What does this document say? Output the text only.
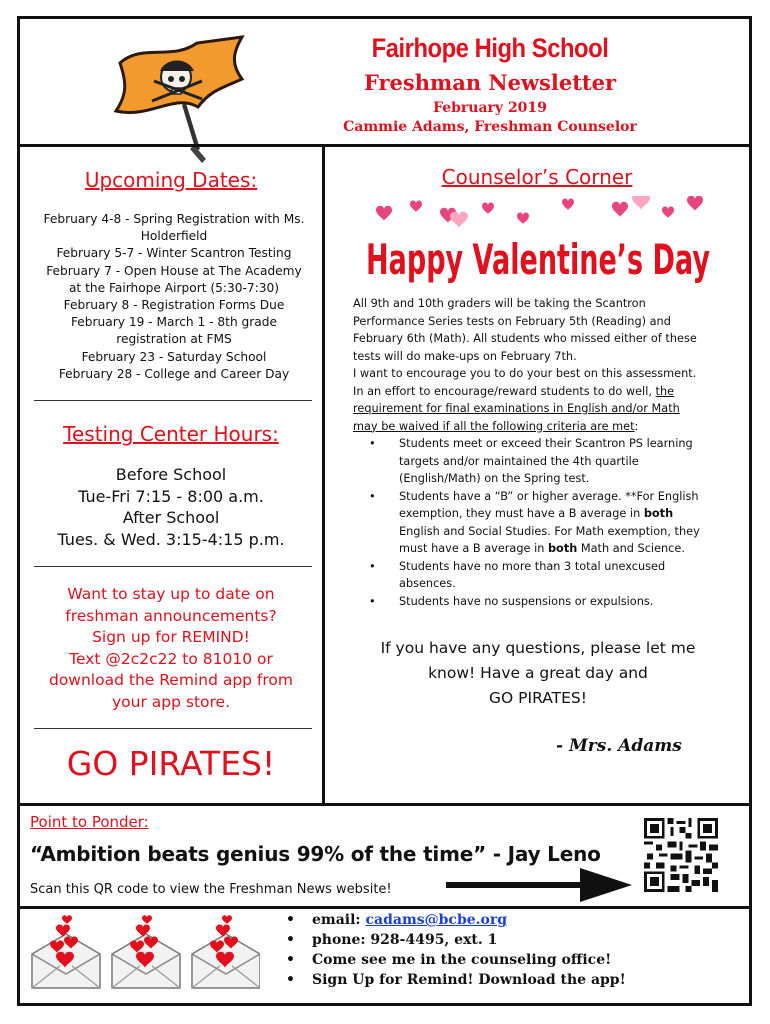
Fairhope High School
Freshman Newsletter
February 2019
Cammie Adams, Freshman Counselor
Upcoming Dates:
February 4-8 - Spring Registration with Ms.
Holderfield
February 5-7 - Winter Scantron Testing
February 7 - Open House at The Academy
at the Fairhope Airport (5:30-7:30)
February 8 - Registration Forms Due
February 19 - March 1 - 8th grade
registration at FMS
February 23 - Saturday School
February 28 - College and Career Day
Testing Center Hours:
Before School
Tue-Fri 7:15 - 8:00 a.m.
After School
Tues. & Wed. 3:15-4:15 p.m.
Want to stay up to date on
freshman announcements?
Sign up for REMIND!
Text @2c2c22 to 81010 or
download the Remind app from
your app store.
GO PIRATES!
Counselor’s Corner
Happy Valentine’s Day
All 9th and 10th graders will be taking the Scantron
Performance Series tests on February 5th (Reading) and
February 6th (Math). All students who missed either of these
tests will do make-ups on February 7th.
I want to encourage you to do your best on this assessment.
In an effort to encourage/reward students to do well, the
requirement for final examinations in English and/or Math
may be waived if all the following criteria are met:
• Students meet or exceed their Scantron PS learning
targets and/or maintained the 4th quartile
(English/Math) on the Spring test.
• Students have a “B” or higher average. **For English
exemption, they must have a B average in both
English and Social Studies. For Math exemption, they
must have a B average in both Math and Science.
• Students have no more than 3 total unexcused
absences.
• Students have no suspensions or expulsions.
If you have any questions, please let me
know! Have a great day and
GO PIRATES!
- Mrs. Adams
Point to Ponder:
“Ambition beats genius 99% of the time” - Jay Leno
Scan this QR code to view the Freshman News website!
• email: cadams@bcbe.org
• phone: 928-4495, ext. 1
• Come see me in the counseling office!
• Sign Up for Remind! Download the app!
